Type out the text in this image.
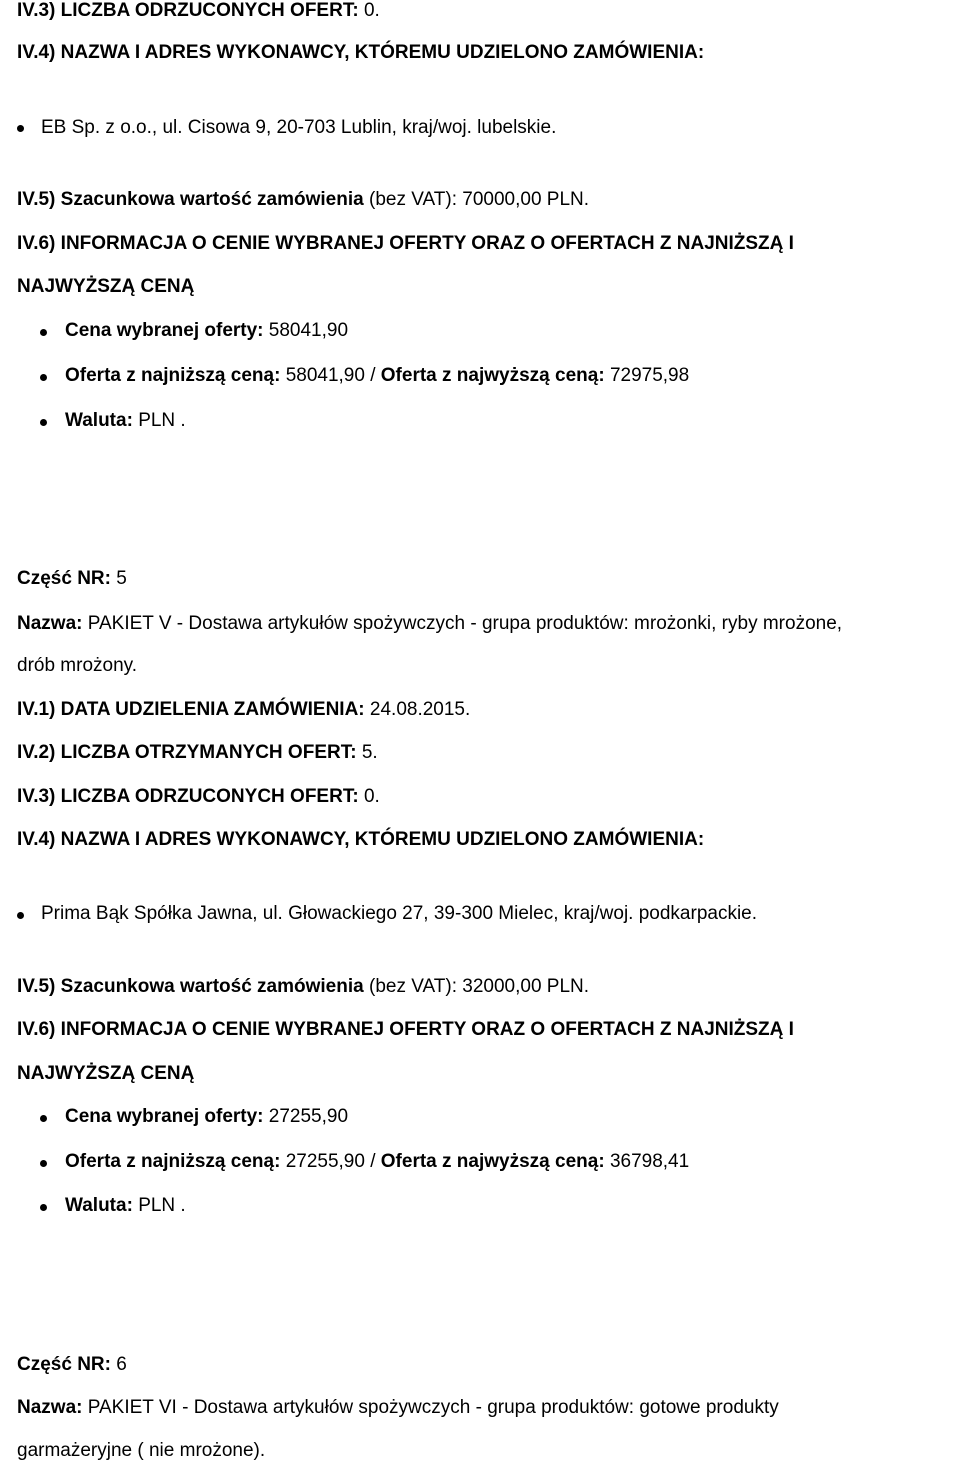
IV.3) LICZBA ODRZUCONYCH OFERT: 0.
IV.4) NAZWA I ADRES WYKONAWCY, KTÓREMU UDZIELONO ZAMÓWIENIA:
EB Sp. z o.o., ul. Cisowa 9, 20-703 Lublin, kraj/woj. lubelskie.
IV.5) Szacunkowa wartość zamówienia (bez VAT): 70000,00 PLN.
IV.6) INFORMACJA O CENIE WYBRANEJ OFERTY ORAZ O OFERTACH Z NAJNIŻSZĄ I
NAJWYŻSZĄ CENĄ
Cena wybranej oferty: 58041,90
Oferta z najniższą ceną: 58041,90 / Oferta z najwyższą ceną: 72975,98
Waluta: PLN .
Część NR: 5
Nazwa: PAKIET V - Dostawa artykułów spożywczych - grupa produktów: mrożonki, ryby mrożone,
drób mrożony.
IV.1) DATA UDZIELENIA ZAMÓWIENIA: 24.08.2015.
IV.2) LICZBA OTRZYMANYCH OFERT: 5.
IV.3) LICZBA ODRZUCONYCH OFERT: 0.
IV.4) NAZWA I ADRES WYKONAWCY, KTÓREMU UDZIELONO ZAMÓWIENIA:
Prima Bąk Spółka Jawna, ul. Głowackiego 27, 39-300 Mielec, kraj/woj. podkarpackie.
IV.5) Szacunkowa wartość zamówienia (bez VAT): 32000,00 PLN.
IV.6) INFORMACJA O CENIE WYBRANEJ OFERTY ORAZ O OFERTACH Z NAJNIŻSZĄ I
NAJWYŻSZĄ CENĄ
Cena wybranej oferty: 27255,90
Oferta z najniższą ceną: 27255,90 / Oferta z najwyższą ceną: 36798,41
Waluta: PLN .
Część NR: 6
Nazwa: PAKIET VI - Dostawa artykułów spożywczych - grupa produktów: gotowe produkty
garmażeryjne ( nie mrożone).
